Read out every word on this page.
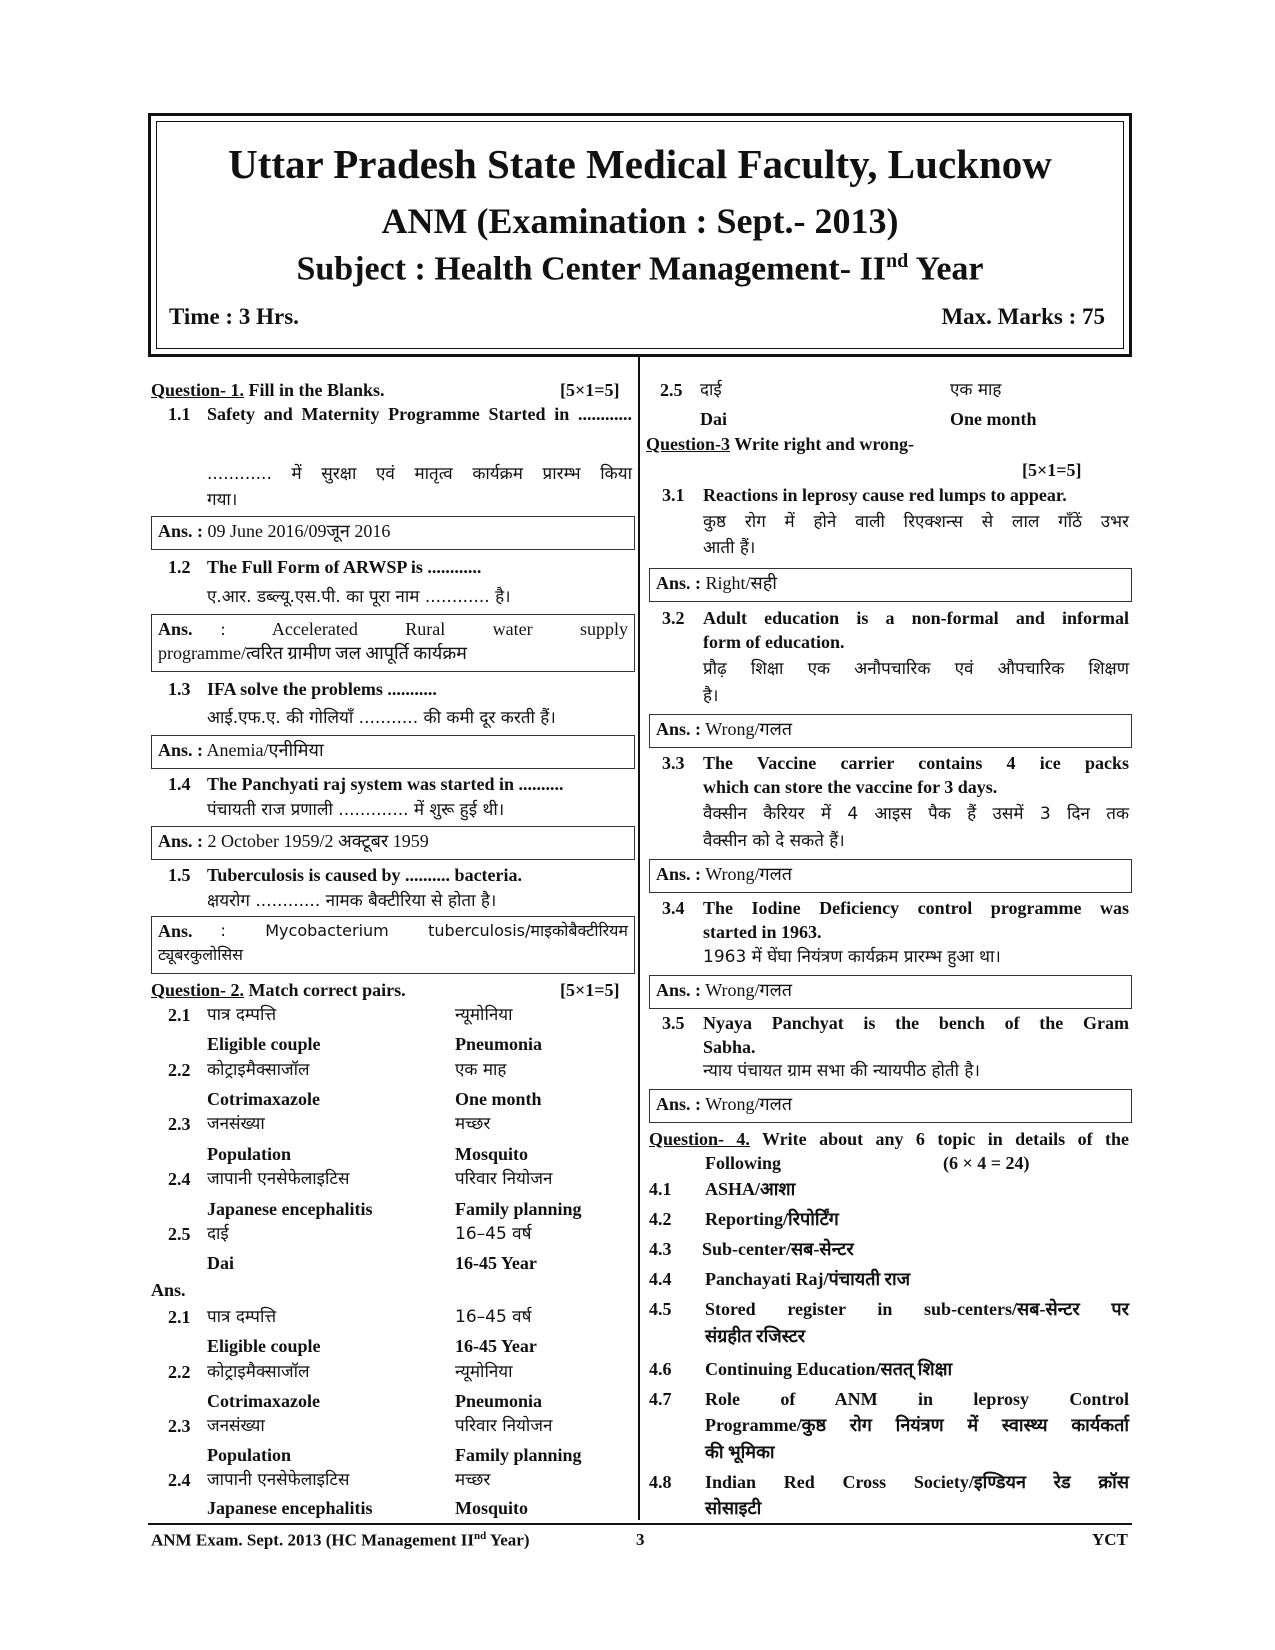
Uttar Pradesh State Medical Faculty, Lucknow
ANM (Examination : Sept.- 2013)
Subject : Health Center Management- IInd Year
Time : 3 Hrs.	Max. Marks : 75
Question- 1. Fill in the Blanks.	[5×1=5]
1.1 Safety and Maternity Programme Started in ............
............ में सुरक्षा एवं मातृत्व कार्यक्रम प्रारम्भ किया
गया।
Ans. : 09 June 2016/09जून 2016
1.2 The Full Form of ARWSP is ............
ए.आर. डब्ल्यू.एस.पी. का पूरा नाम ............ है।
Ans.	: Accelerated Rural water supply
programme/त्वरित ग्रामीण जल आपूर्ति कार्यक्रम
1.3 IFA solve the problems ...........
आई.एफ.ए. की गोलियाँ ........... की कमी दूर करती हैं।
Ans. : Anemia/एनीमिया
1.4 The Panchyati raj system was started in ..........
पंचायती राज प्रणाली ............. में शुरू हुई थी।
Ans. : 2 October 1959/2 अक्टूबर 1959
1.5 Tuberculosis is caused by .......... bacteria.
क्षयरोग ............ नामक बैक्टीरिया से होता है।
Ans.	: Mycobacterium tuberculosis/माइकोबैक्टीरियम
ट्यूबरकुलोसिस
Question- 2. Match correct pairs.	[5×1=5]
2.1 पात्र दम्पत्ति	न्यूमोनिया
Eligible couple	Pneumonia
2.2 कोट्राइमैक्साजॉल	एक माह
Cotrimaxazole	One month
2.3 जनसंख्या	मच्छर
Population	Mosquito
2.4 जापानी एनसेफेलाइटिस	परिवार नियोजन
Japanese encephalitis	Family planning
2.5 दाई	16–45 वर्ष
Dai	16-45 Year
Ans.
2.1 पात्र दम्पत्ति	16–45 वर्ष
Eligible couple	16-45 Year
2.2 कोट्राइमैक्साजॉल	न्यूमोनिया
Cotrimaxazole	Pneumonia
2.3 जनसंख्या	परिवार नियोजन
Population	Family planning
2.4 जापानी एनसेफेलाइटिस	मच्छर
Japanese encephalitis	Mosquito
2.5 दाई	एक माह
Dai	One month
Question-3 Write right and wrong-
[5×1=5]
3.1 Reactions in leprosy cause red lumps to appear.
कुष्ठ रोग में होने वाली रिएक्शन्स से लाल गाँठें उभर
आती हैं।
Ans. : Right/सही
3.2 Adult education is a non-formal and informal
form of education.
प्रौढ़ शिक्षा एक अनौपचारिक एवं औपचारिक शिक्षण
है।
Ans. : Wrong/गलत
3.3 The Vaccine carrier contains 4 ice packs
which can store the vaccine for 3 days.
वैक्सीन कैरियर में 4 आइस पैक हैं उसमें 3 दिन तक
वैक्सीन को दे सकते हैं।
Ans. : Wrong/गलत
3.4 The Iodine Deficiency control programme was
started in 1963.
1963 में घेंघा नियंत्रण कार्यक्रम प्रारम्भ हुआ था।
Ans. : Wrong/गलत
3.5 Nyaya Panchyat is the bench of the Gram
Sabha.
न्याय पंचायत ग्राम सभा की न्यायपीठ होती है।
Ans. : Wrong/गलत
Question- 4. Write about any 6 topic in details of the
Following	(6 × 4 = 24)
4.1 ASHA/आशा
4.2 Reporting/रिपोर्टिंग
4.3 Sub-center/सब-सेन्टर
4.4 Panchayati Raj/पंचायती राज
4.5 Stored register in sub-centers/सब-सेन्टर पर
संग्रहीत रजिस्टर
4.6 Continuing Education/सतत् शिक्षा
4.7 Role of ANM in leprosy Control
Programme/कुष्ठ रोग नियंत्रण में स्वास्थ्य कार्यकर्ता
की भूमिका
4.8 Indian Red Cross Society/इण्डियन रेड क्रॉस
सोसाइटी
ANM Exam. Sept. 2013 (HC Management IInd Year)	3	YCT
